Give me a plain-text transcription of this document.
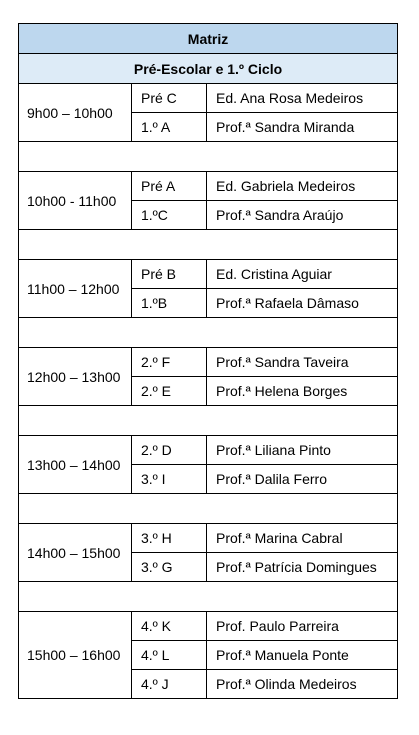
Matriz		
Pré-Escolar e 1.º Ciclo		
9h00 – 10h00	Pré C	Ed. Ana Rosa Medeiros
	1.º A	Prof.ª Sandra Miranda

10h00 - 11h00	Pré A	Ed. Gabriela Medeiros
	1.ºC	Prof.ª Sandra Araújo

11h00 – 12h00	Pré B	Ed. Cristina Aguiar
	1.ºB	Prof.ª Rafaela Dâmaso

12h00 – 13h00	2.º F	Prof.ª Sandra Taveira
	2.º E	Prof.ª Helena Borges

13h00 – 14h00	2.º D	Prof.ª Liliana Pinto
	3.º I	Prof.ª Dalila Ferro

14h00 – 15h00	3.º H	Prof.ª Marina Cabral
	3.º G	Prof.ª Patrícia Domingues

15h00 – 16h00	4.º K	Prof. Paulo Parreira
	4.º L	Prof.ª Manuela Ponte
	4.º J	Prof.ª Olinda Medeiros
